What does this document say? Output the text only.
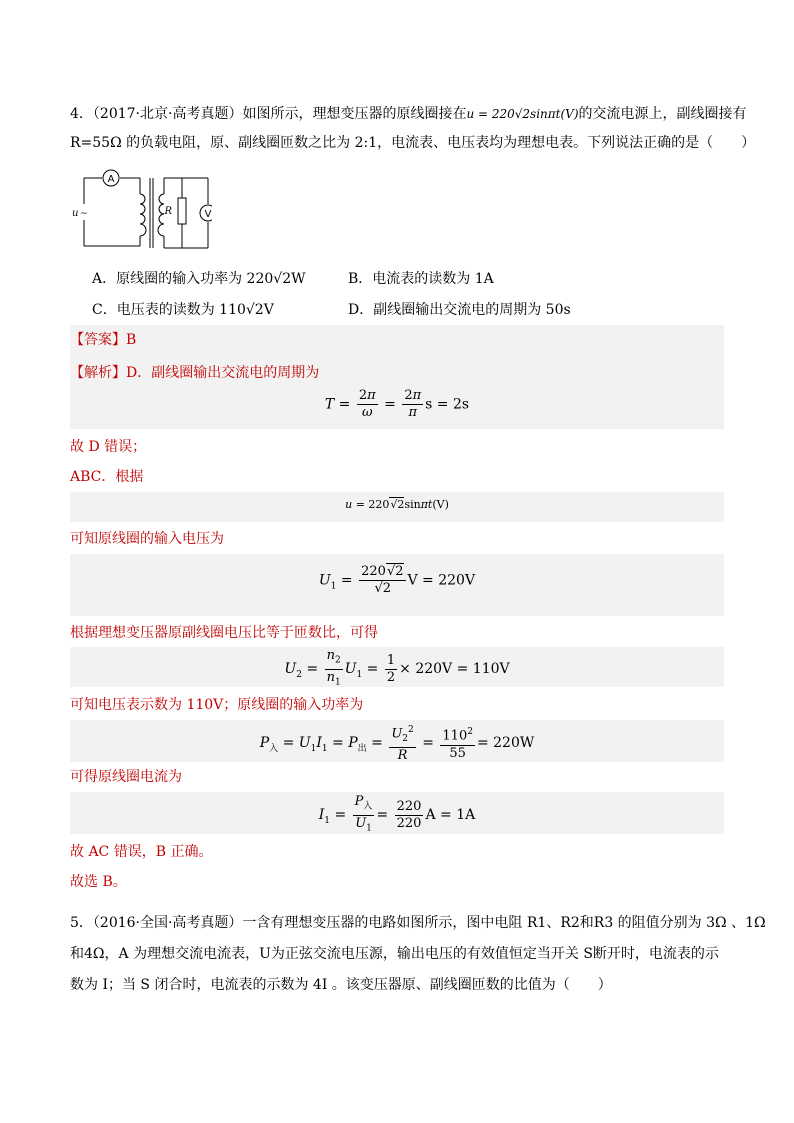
4．（2017·北京·高考真题）如图所示，理想变压器的原线圈接在u = 220√2sinπt(V)的交流电源上，副线圈接有
R=55Ω 的负载电阻，原、副线圈匝数之比为 2:1，电流表、电压表均为理想电表。下列说法正确的是（　　）
A
R	V
u ~
A．原线圈的输入功率为 220√2W	B．电流表的读数为 1A
C．电压表的读数为 110√2V	D．副线圈输出交流电的周期为 50s
【答案】B
【解析】D．副线圈输出交流电的周期为
$T = \frac{2\pi}{\omega} = \frac{2\pi}{\pi}$ s = 2s
故 D 错误；
ABC．根据
u = 220√2sinπt(V)
可知原线圈的输入电压为
$U_1 = \frac{220√2}{√2}$ V = 220V
根据理想变压器原副线圈电压比等于匝数比，可得
$U_2 = \frac{n_2}{n_1} U_1 = \frac{1}{2} \times 220V = 110V$
可知电压表示数为 110V；原线圈的输入功率为
$P_入 = U_1I_1 = P_出 = \frac{U_2^2}{R} = \frac{110^2}{55} = 220W$
可得原线圈电流为
$I_1 = \frac{P_入}{U_1} = \frac{220}{220}$ A = 1A
故 AC 错误，B 正确。
故选 B。
5．（2016·全国·高考真题）一含有理想变压器的电路如图所示，图中电阻 R1、R2和R3 的阻值分别为 3Ω 、1Ω
和4Ω，A 为理想交流电流表，U为正弦交流电压源，输出电压的有效值恒定当开关 S断开时，电流表的示
数为 I；当 S 闭合时，电流表的示数为 4I 。该变压器原、副线圈匝数的比值为（　　）
